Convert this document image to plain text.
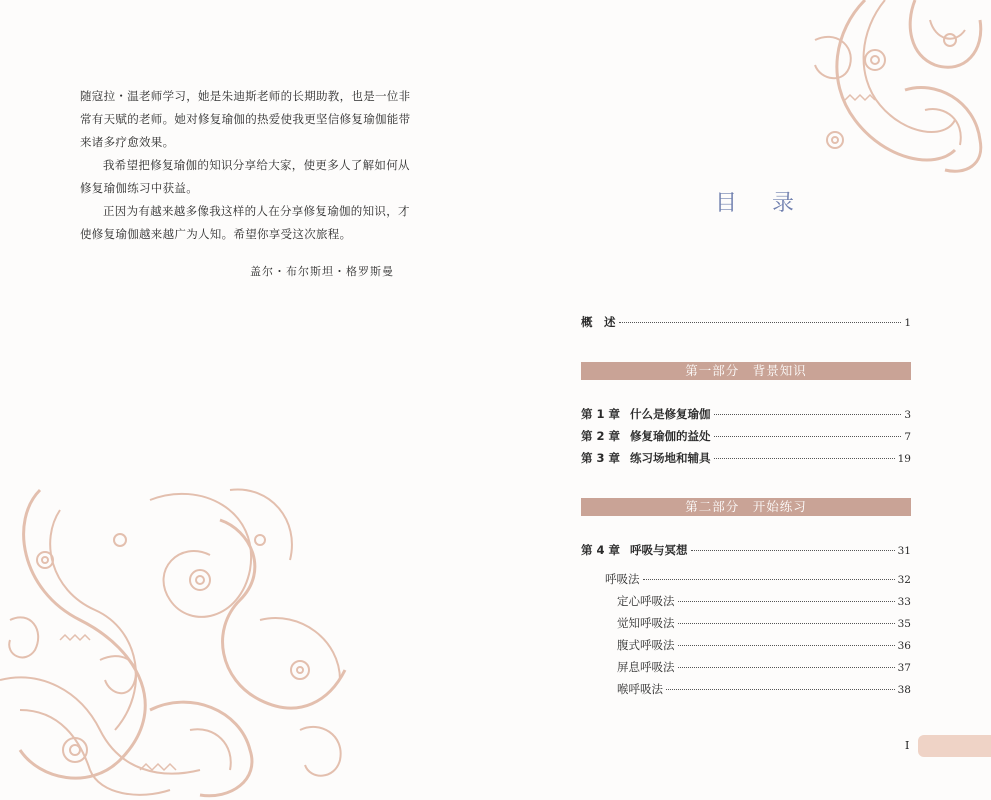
随寇拉・温老师学习，她是朱迪斯老师的长期助教，也是一位非常有天赋的老师。她对修复瑜伽的热爱使我更坚信修复瑜伽能带来诸多疗愈效果。

我希望把修复瑜伽的知识分享给大家，使更多人了解如何从修复瑜伽练习中获益。

正因为有越来越多像我这样的人在分享修复瑜伽的知识，才使修复瑜伽越来越广为人知。希望你享受这次旅程。

盖尔・布尔斯坦・格罗斯曼
目 录
概　述	1
第一部分　背景知识
第 1 章 什么是修复瑜伽	3
第 2 章 修复瑜伽的益处	7
第 3 章 练习场地和辅具	19
第二部分　开始练习
第 4 章 呼吸与冥想	31
呼吸法	32
定心呼吸法	33
觉知呼吸法	35
腹式呼吸法	36
屏息呼吸法	37
喉呼吸法	38
I
